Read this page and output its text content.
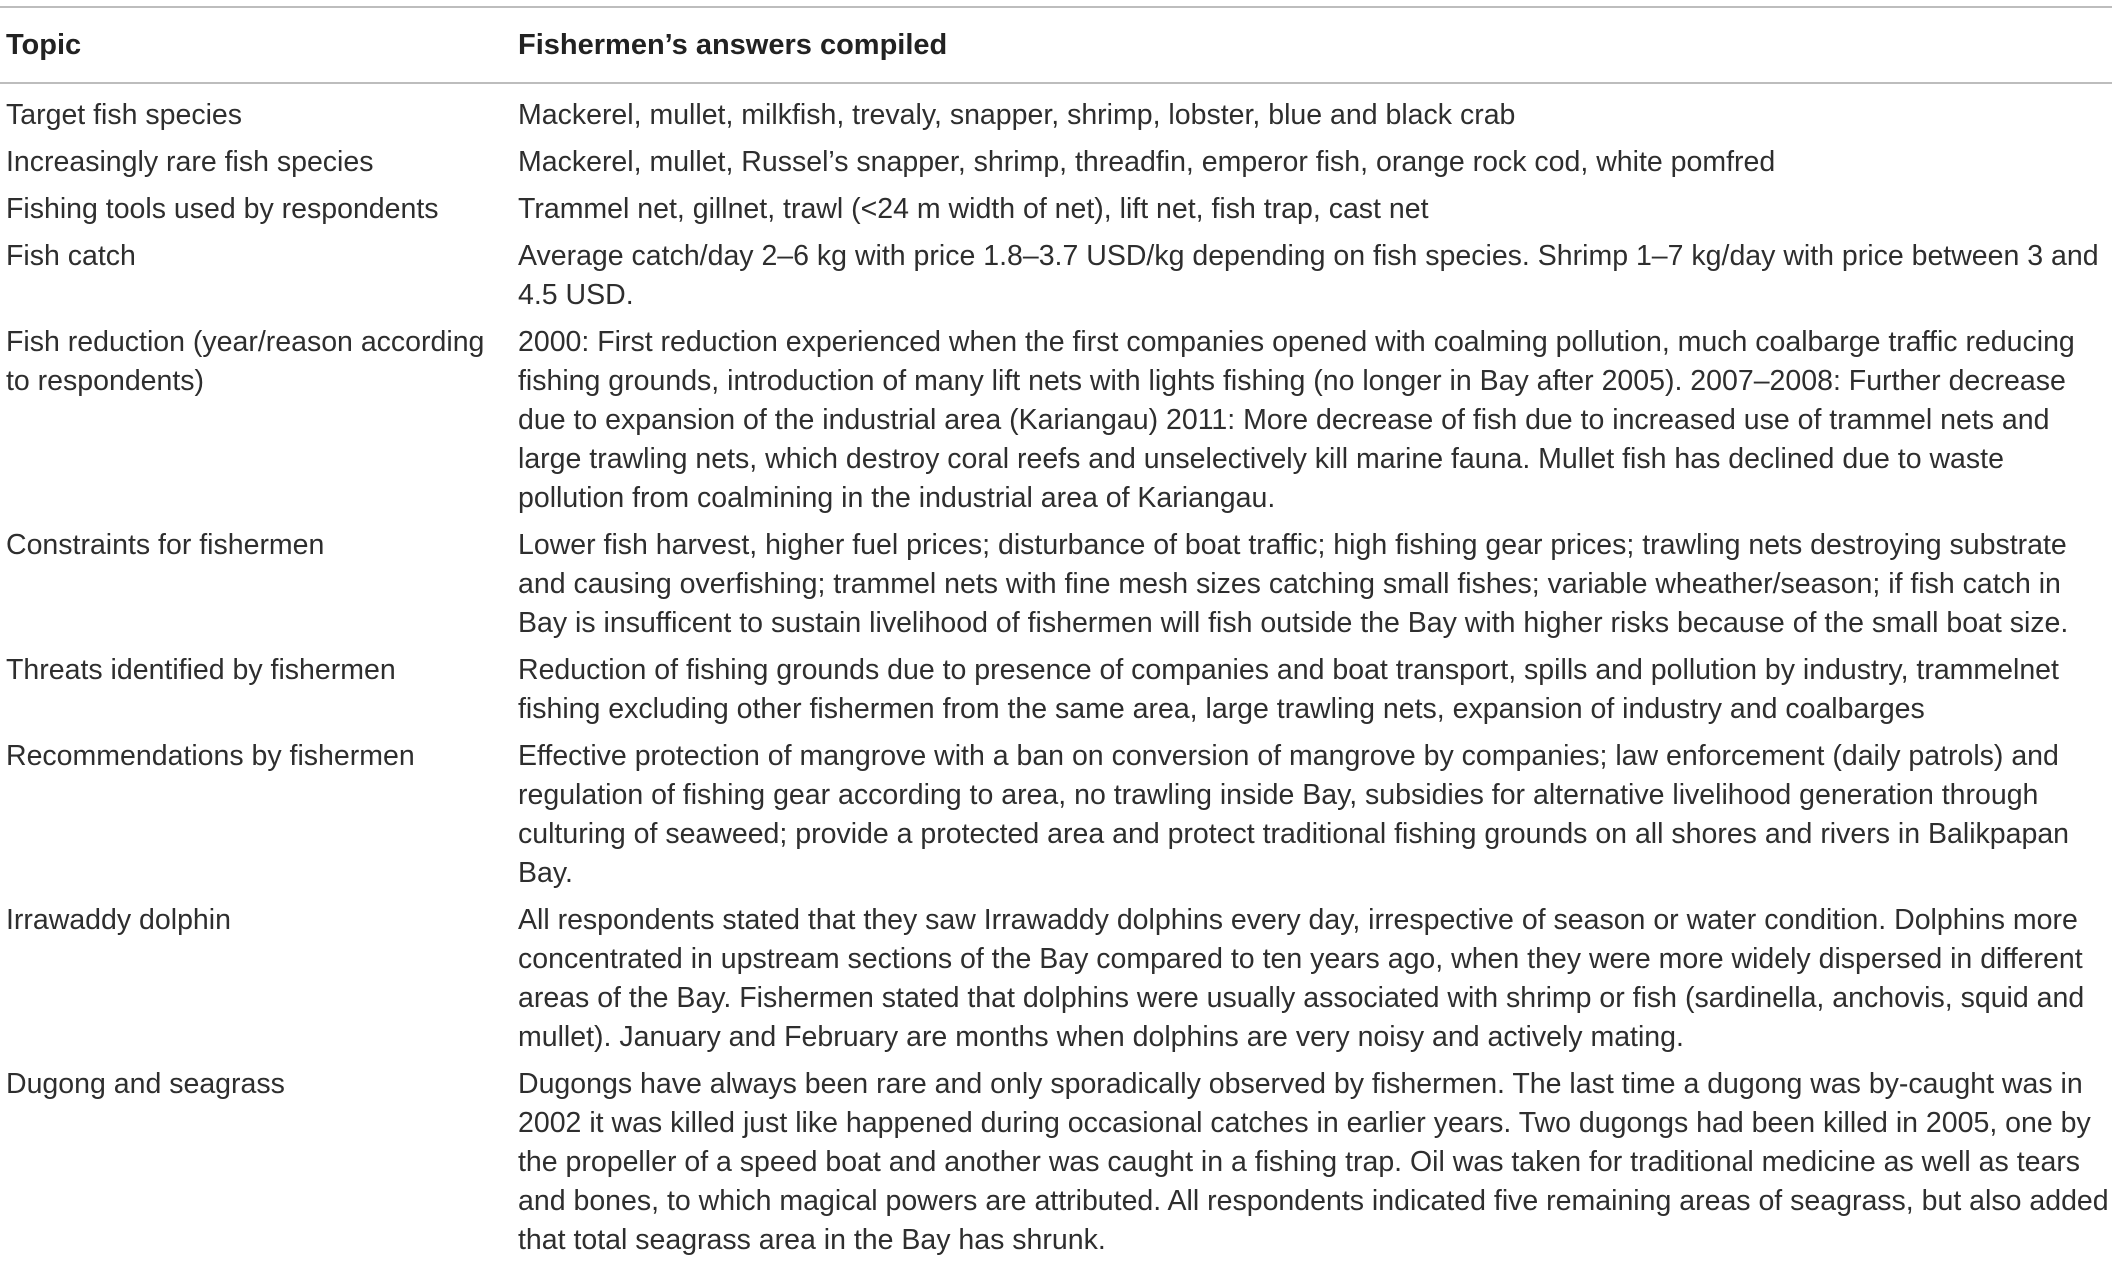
Topic	Fishermen’s answers compiled
Target fish species	Mackerel, mullet, milkfish, trevaly, snapper, shrimp, lobster, blue and black crab
Increasingly rare fish species	Mackerel, mullet, Russel’s snapper, shrimp, threadfin, emperor fish, orange rock cod, white pomfred
Fishing tools used by respondents	Trammel net, gillnet, trawl (<24 m width of net), lift net, fish trap, cast net
Fish catch	Average catch/day 2–6 kg with price 1.8–3.7 USD/kg depending on fish species. Shrimp 1–7 kg/day with price between 3 and 4.5 USD.
Fish reduction (year/reason according to respondents)	2000: First reduction experienced when the first companies opened with coalming pollution, much coalbarge traffic reducing fishing grounds, introduction of many lift nets with lights fishing (no longer in Bay after 2005). 2007–2008: Further decrease due to expansion of the industrial area (Kariangau) 2011: More decrease of fish due to increased use of trammel nets and large trawling nets, which destroy coral reefs and unselectively kill marine fauna. Mullet fish has declined due to waste pollution from coalmining in the industrial area of Kariangau.
Constraints for fishermen	Lower fish harvest, higher fuel prices; disturbance of boat traffic; high fishing gear prices; trawling nets destroying substrate and causing overfishing; trammel nets with fine mesh sizes catching small fishes; variable wheather/season; if fish catch in Bay is insufficent to sustain livelihood of fishermen will fish outside the Bay with higher risks because of the small boat size.
Threats identified by fishermen	Reduction of fishing grounds due to presence of companies and boat transport, spills and pollution by industry, trammelnet fishing excluding other fishermen from the same area, large trawling nets, expansion of industry and coalbarges
Recommendations by fishermen	Effective protection of mangrove with a ban on conversion of mangrove by companies; law enforcement (daily patrols) and regulation of fishing gear according to area, no trawling inside Bay, subsidies for alternative livelihood generation through culturing of seaweed; provide a protected area and protect traditional fishing grounds on all shores and rivers in Balikpapan Bay.
Irrawaddy dolphin	All respondents stated that they saw Irrawaddy dolphins every day, irrespective of season or water condition. Dolphins more concentrated in upstream sections of the Bay compared to ten years ago, when they were more widely dispersed in different areas of the Bay. Fishermen stated that dolphins were usually associated with shrimp or fish (sardinella, anchovis, squid and mullet). January and February are months when dolphins are very noisy and actively mating.
Dugong and seagrass	Dugongs have always been rare and only sporadically observed by fishermen. The last time a dugong was by-caught was in 2002 it was killed just like happened during occasional catches in earlier years. Two dugongs had been killed in 2005, one by the propeller of a speed boat and another was caught in a fishing trap. Oil was taken for traditional medicine as well as tears and bones, to which magical powers are attributed. All respondents indicated five remaining areas of seagrass, but also added that total seagrass area in the Bay has shrunk.
